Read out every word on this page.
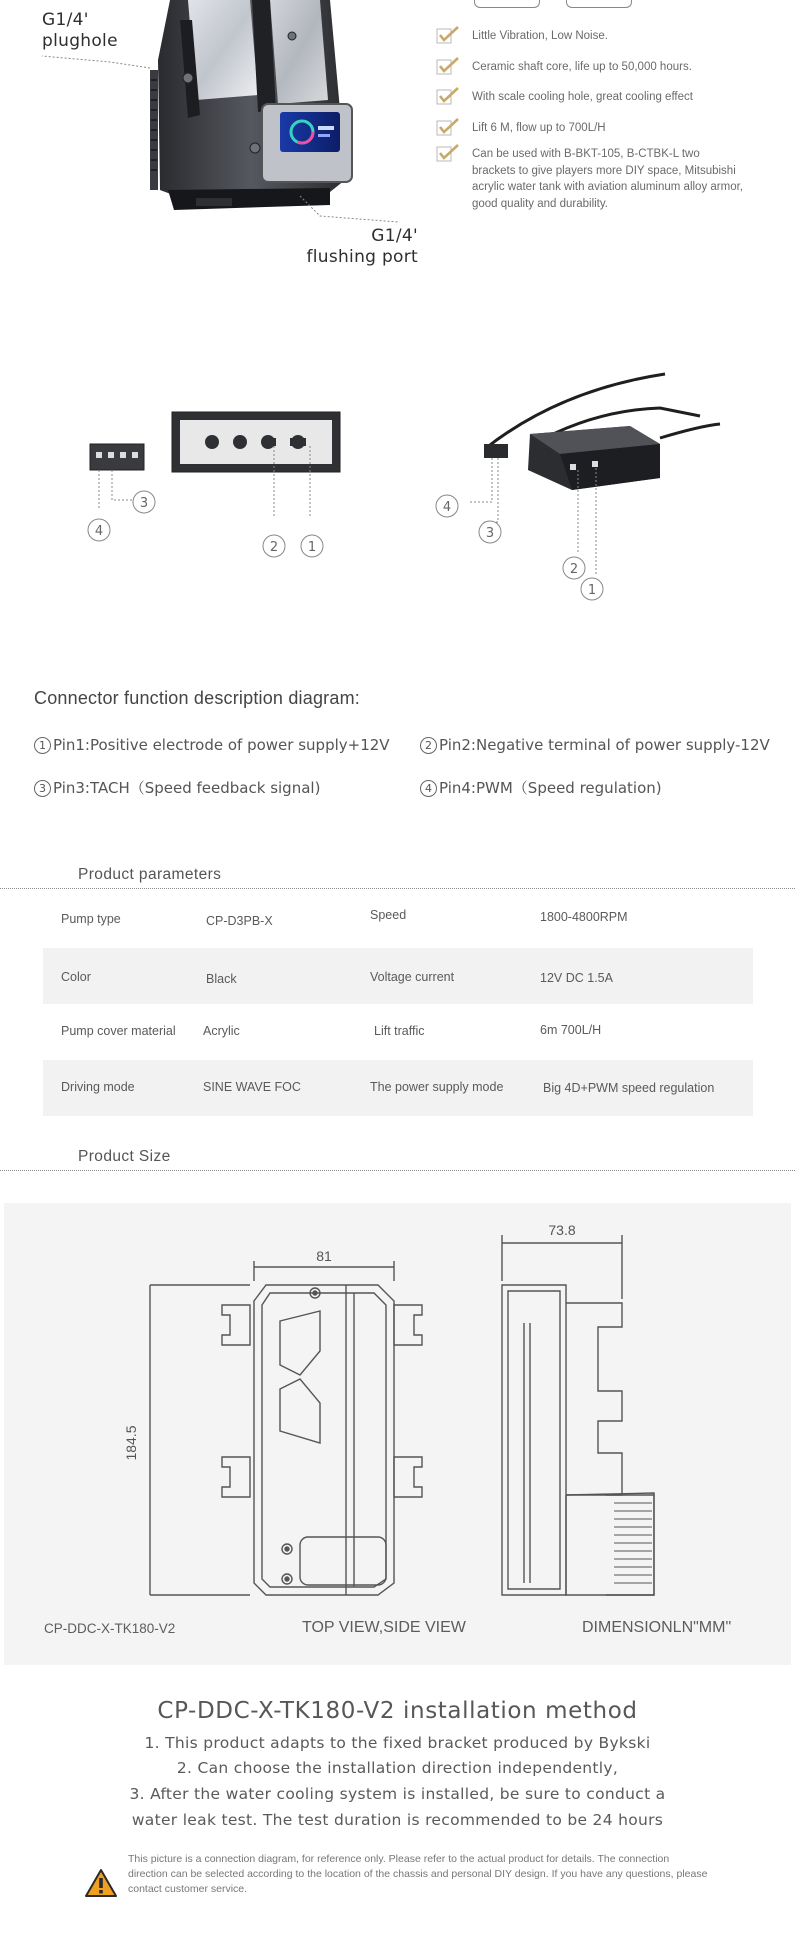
G1/4'
plughole
G1/4'
flushing port
Little Vibration, Low Noise.
Ceramic shaft core, life up to 50,000 hours.
With scale cooling hole, great cooling effect
Lift 6 M, flow up to 700L/H
Can be used with B-BKT-105, B-CTBK-L two brackets to give players more DIY space, Mitsubishi acrylic water tank with aviation aluminum alloy armor, good quality and durability.
4
3
2 1
4
3
2
1
Connector function description diagram:
1 Pin1:Positive electrode of power supply+12V	2 Pin2:Negative terminal of power supply-12V
3 Pin3:TACH（Speed feedback signal)	4 Pin4:PWM（Speed regulation)
Product parameters
Pump type	CP-D3PB-X	Speed	1800-4800RPM
Color	Black	Voltage current	12V DC 1.5A
Pump cover material Acrylic	Lift traffic	6m 700L/H
Driving mode	SINE WAVE FOC	The power supply mode	Big 4D+PWM speed regulation
Product Size
81
184.5
73.8
CP-DDC-X-TK180-V2	TOP VIEW,SIDE VIEW	DIMENSIONLN"MM"
CP-DDC-X-TK180-V2 installation method
1. This product adapts to the fixed bracket produced by Bykski
2. Can choose the installation direction independently,
3. After the water cooling system is installed, be sure to conduct a
water leak test. The test duration is recommended to be 24 hours
This picture is a connection diagram, for reference only. Please refer to the actual product for details. The connection direction can be selected according to the location of the chassis and personal DIY design. If you have any questions, please contact customer service.
